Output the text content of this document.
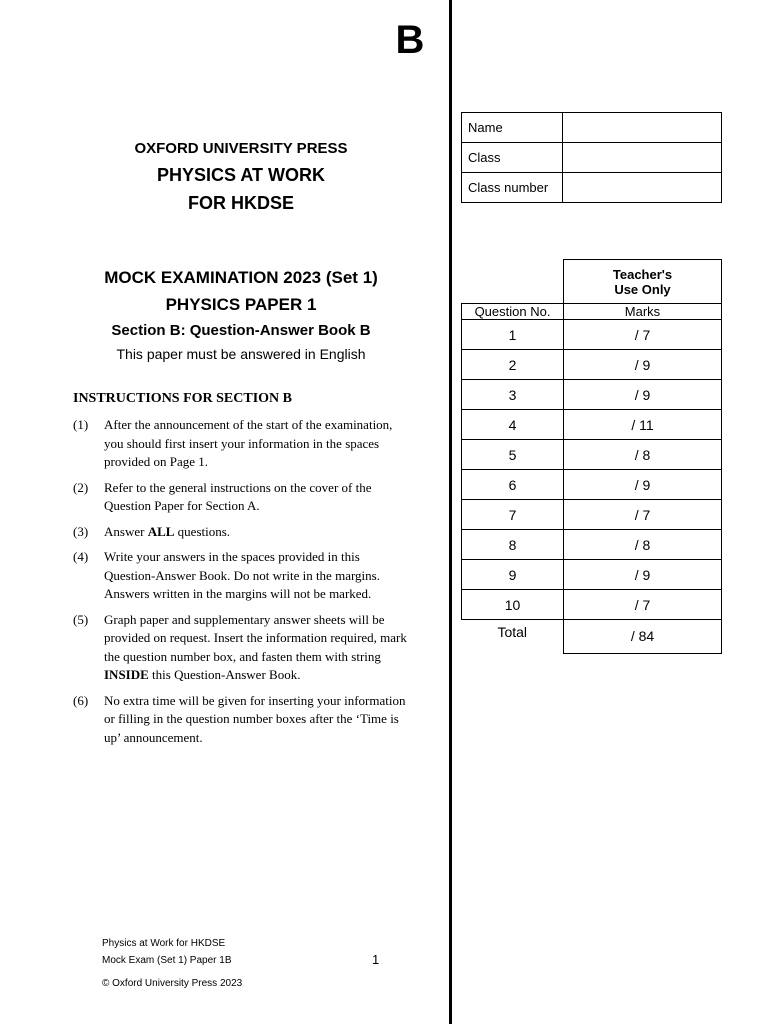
B
OXFORD UNIVERSITY PRESS
PHYSICS AT WORK
FOR HKDSE
MOCK EXAMINATION 2023 (Set 1)
PHYSICS PAPER 1
Section B: Question-Answer Book B
This paper must be answered in English
INSTRUCTIONS FOR SECTION B
(1)	After the announcement of the start of the examination, you should first insert your information in the spaces provided on Page 1.
(2)	Refer to the general instructions on the cover of the Question Paper for Section A.
(3)	Answer ALL questions.
(4)	Write your answers in the spaces provided in this Question-Answer Book. Do not write in the margins. Answers written in the margins will not be marked.
(5)	Graph paper and supplementary answer sheets will be provided on request. Insert the information required, mark the question number box, and fasten them with string INSIDE this Question-Answer Book.
(6)	No extra time will be given for inserting your information or filling in the question number boxes after the ‘Time is up’ announcement.
Physics at Work for HKDSE
Mock Exam (Set 1) Paper 1B
© Oxford University Press 2023
1
Name	
Class	
Class number	

	Teacher's
Use Only

Question No.	Marks
1	/ 7
2	/ 9
3	/ 9
4	/ 11
5	/ 8
6	/ 9
7	/ 7
8	/ 8
9	/ 9
10	/ 7
Total	/ 84
